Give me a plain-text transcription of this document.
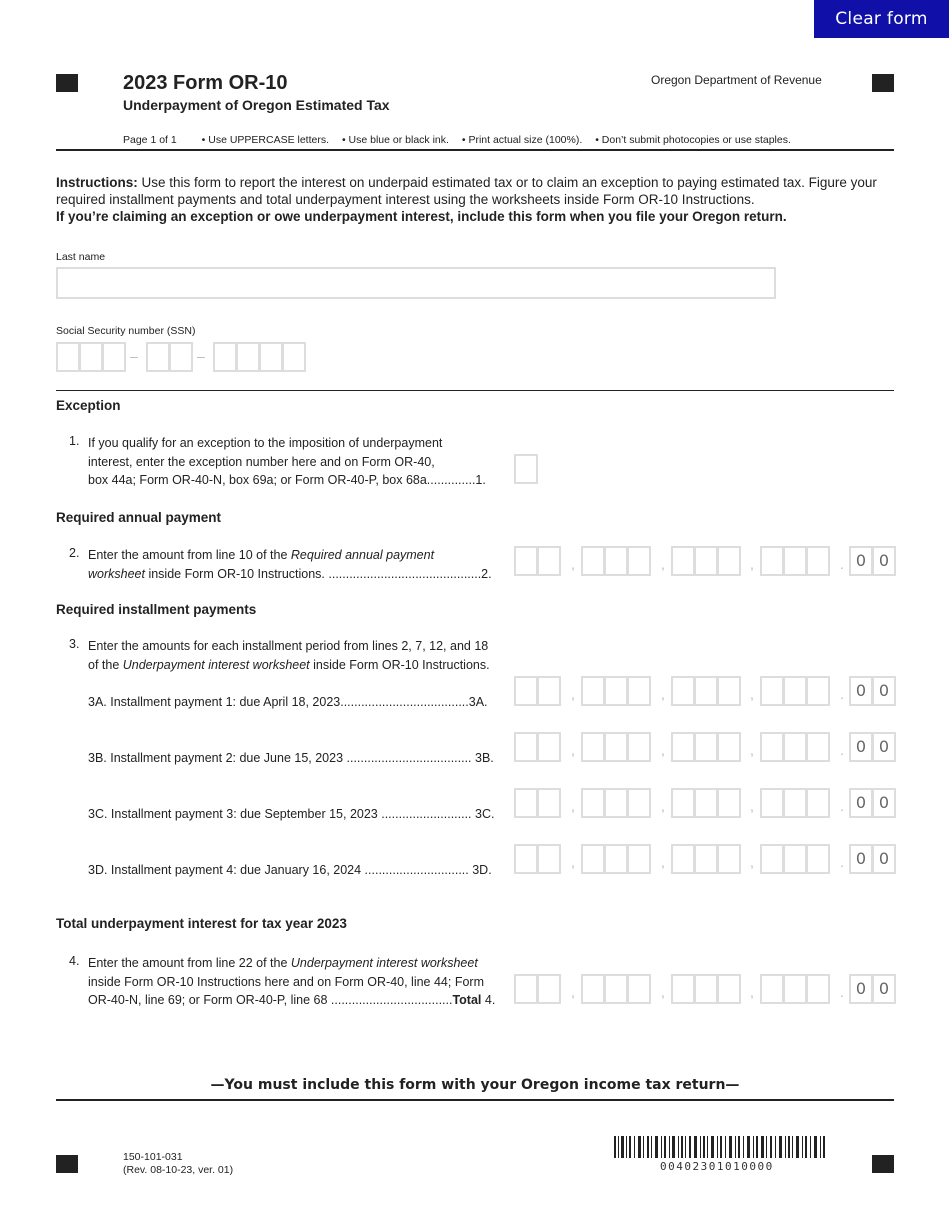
Clear form
2023 Form OR-10
Underpayment of Oregon Estimated Tax
Oregon Department of Revenue
Page 1 of 1 • Use UPPERCASE letters. • Use blue or black ink. • Print actual size (100%). • Don’t submit photocopies or use staples.
Instructions: Use this form to report the interest on underpaid estimated tax or to claim an exception to paying estimated tax. Figure your required installment payments and total underpayment interest using the worksheets inside Form OR-10 Instructions.
If you’re claiming an exception or owe underpayment interest, include this form when you file your Oregon return.
Last name
Social Security number (SSN)
–	–
Exception
1. If you qualify for an exception to the imposition of underpayment
interest, enter the exception number here and on Form OR-40,
box 44a; Form OR-40-N, box 69a; or Form OR-40-P, box 68a..............1.
Required annual payment
2. Enter the amount from line 10 of the Required annual payment
worksheet inside Form OR-10 Instructions. ............................................2.
,	,	,	. 0 0
Required installment payments
3. Enter the amounts for each installment period from lines 2, 7, 12, and 18
of the Underpayment interest worksheet inside Form OR-10 Instructions.
3A. Installment payment 1: due April 18, 2023.....................................3A.	,	,	,	. 0 0
3B. Installment payment 2: due June 15, 2023 .................................... 3B.	,	,	,	. 0 0
3C. Installment payment 3: due September 15, 2023 .......................... 3C.	,	,	,	. 0 0
3D. Installment payment 4: due January 16, 2024 .............................. 3D.	,	,	,	. 0 0
Total underpayment interest for tax year 2023
4. Enter the amount from line 22 of the Underpayment interest worksheet
inside Form OR-10 Instructions here and on Form OR-40, line 44; Form
OR-40-N, line 69; or Form OR-40-P, line 68 ...................................Total 4.	,	,	,	. 0 0
—You must include this form with your Oregon income tax return—
150-101-031
(Rev. 08-10-23, ver. 01)	00402301010000
